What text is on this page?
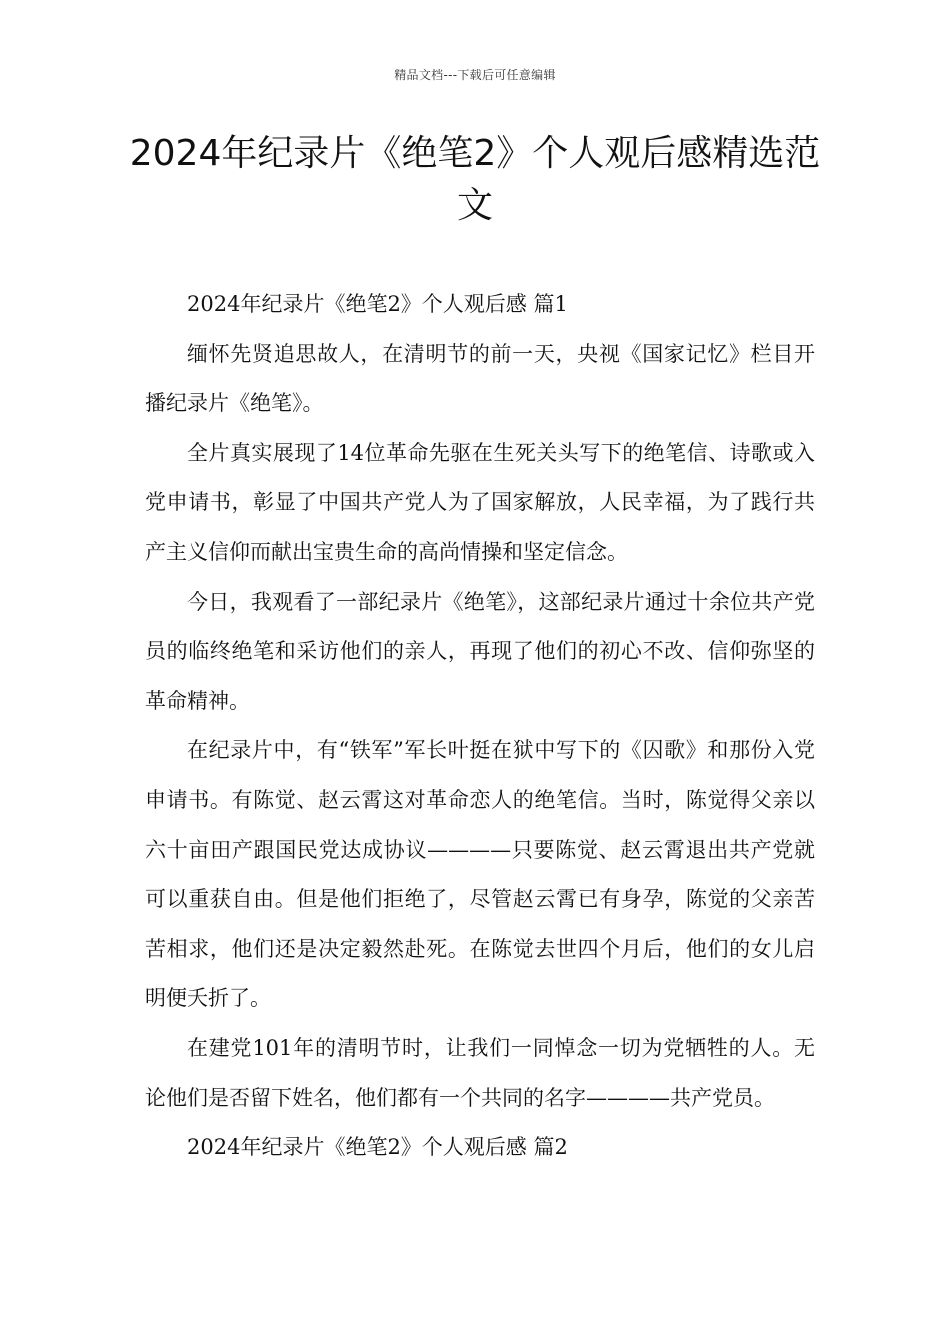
精品文档---下载后可任意编辑
2024年纪录片《绝笔2》个人观后感精选范文

2024年纪录片《绝笔2》个人观后感 篇1

缅怀先贤追思故人，在清明节的前一天，央视《国家记忆》栏目开播纪录片《绝笔》。

全片真实展现了14位革命先驱在生死关头写下的绝笔信、诗歌或入党申请书，彰显了中国共产党人为了国家解放，人民幸福，为了践行共产主义信仰而献出宝贵生命的高尚情操和坚定信念。

今日，我观看了一部纪录片《绝笔》，这部纪录片通过十余位共产党员的临终绝笔和采访他们的亲人，再现了他们的初心不改、信仰弥坚的革命精神。

在纪录片中，有“铁军”军长叶挺在狱中写下的《囚歌》和那份入党申请书。有陈觉、赵云霄这对革命恋人的绝笔信。当时，陈觉得父亲以六十亩田产跟国民党达成协议————只要陈觉、赵云霄退出共产党就可以重获自由。但是他们拒绝了，尽管赵云霄已有身孕，陈觉的父亲苦苦相求，他们还是决定毅然赴死。在陈觉去世四个月后，他们的女儿启明便夭折了。

在建党101年的清明节时，让我们一同悼念一切为党牺牲的人。无论他们是否留下姓名，他们都有一个共同的名字————共产党员。

2024年纪录片《绝笔2》个人观后感 篇2
